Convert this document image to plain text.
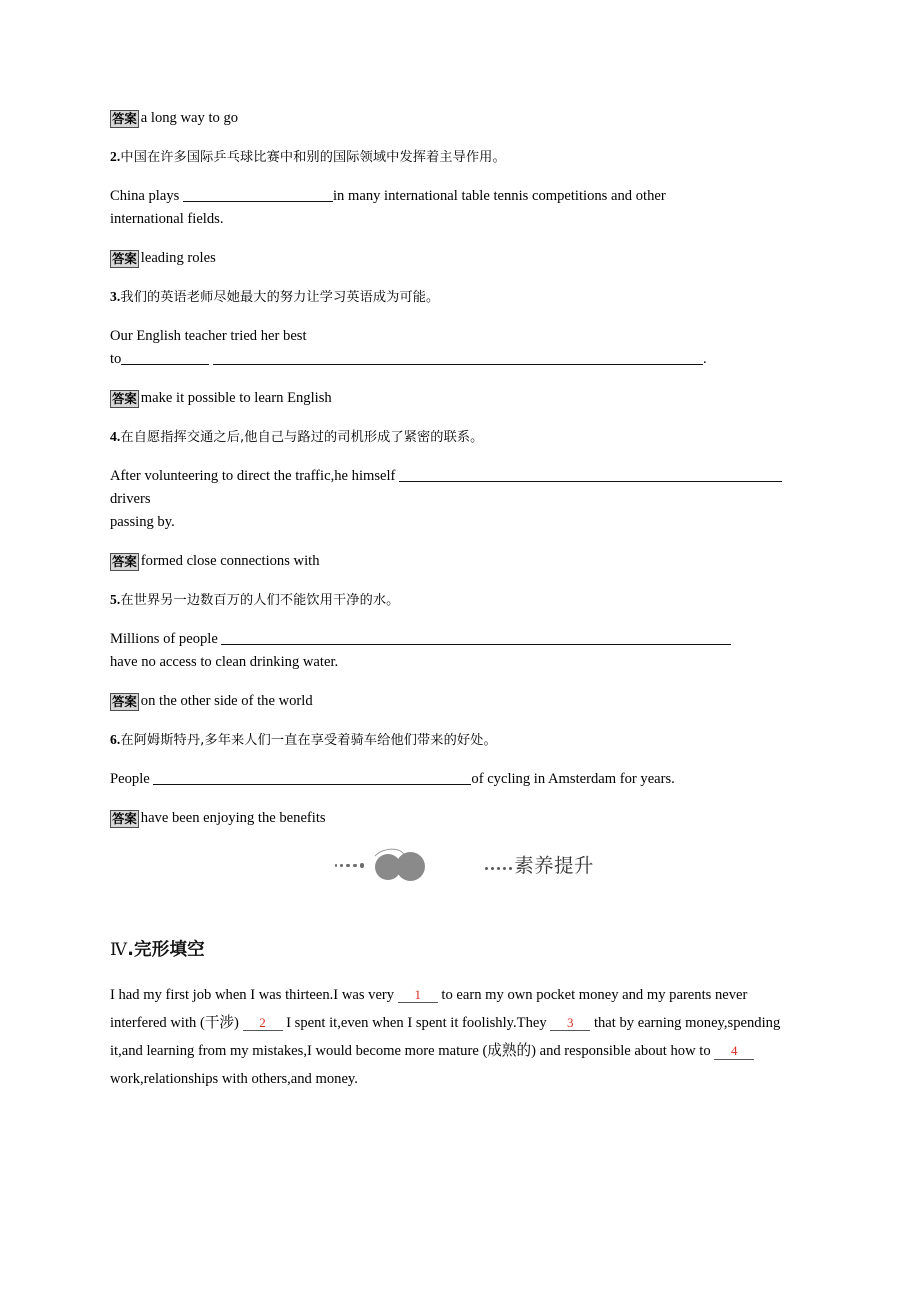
答案 a long way to go
2.中国在许多国际乒乓球比赛中和别的国际领域中发挥着主导作用。
China plays	in many international table tennis competitions and other
international fields.
答案 leading roles
3.我们的英语老师尽她最大的努力让学习英语成为可能。
Our English teacher tried her best
to	.
答案 make it possible to learn English
4.在自愿指挥交通之后,他自己与路过的司机形成了紧密的联系。
After volunteering to direct the traffic,he himself drivers
passing by.
答案 formed close connections with
5.在世界另一边数百万的人们不能饮用干净的水。
Millions of people
have no access to clean drinking water.
答案 on the other side of the world
6.在阿姆斯特丹,多年来人们一直在享受着骑车给他们带来的好处。
People	of cycling in Amsterdam for years.
答案 have been enjoying the benefits
素养提升
Ⅳ.完形填空
I had my first job when I was thirteen.I was very 1 to earn my own pocket money and my parents never interfered with (干涉) 2 I spent it,even when I spent it foolishly.They 3 that by earning money,spending it,and learning from my mistakes,I would become more mature (成熟的) and responsible about how to 4 work,relationships with others,and money.
